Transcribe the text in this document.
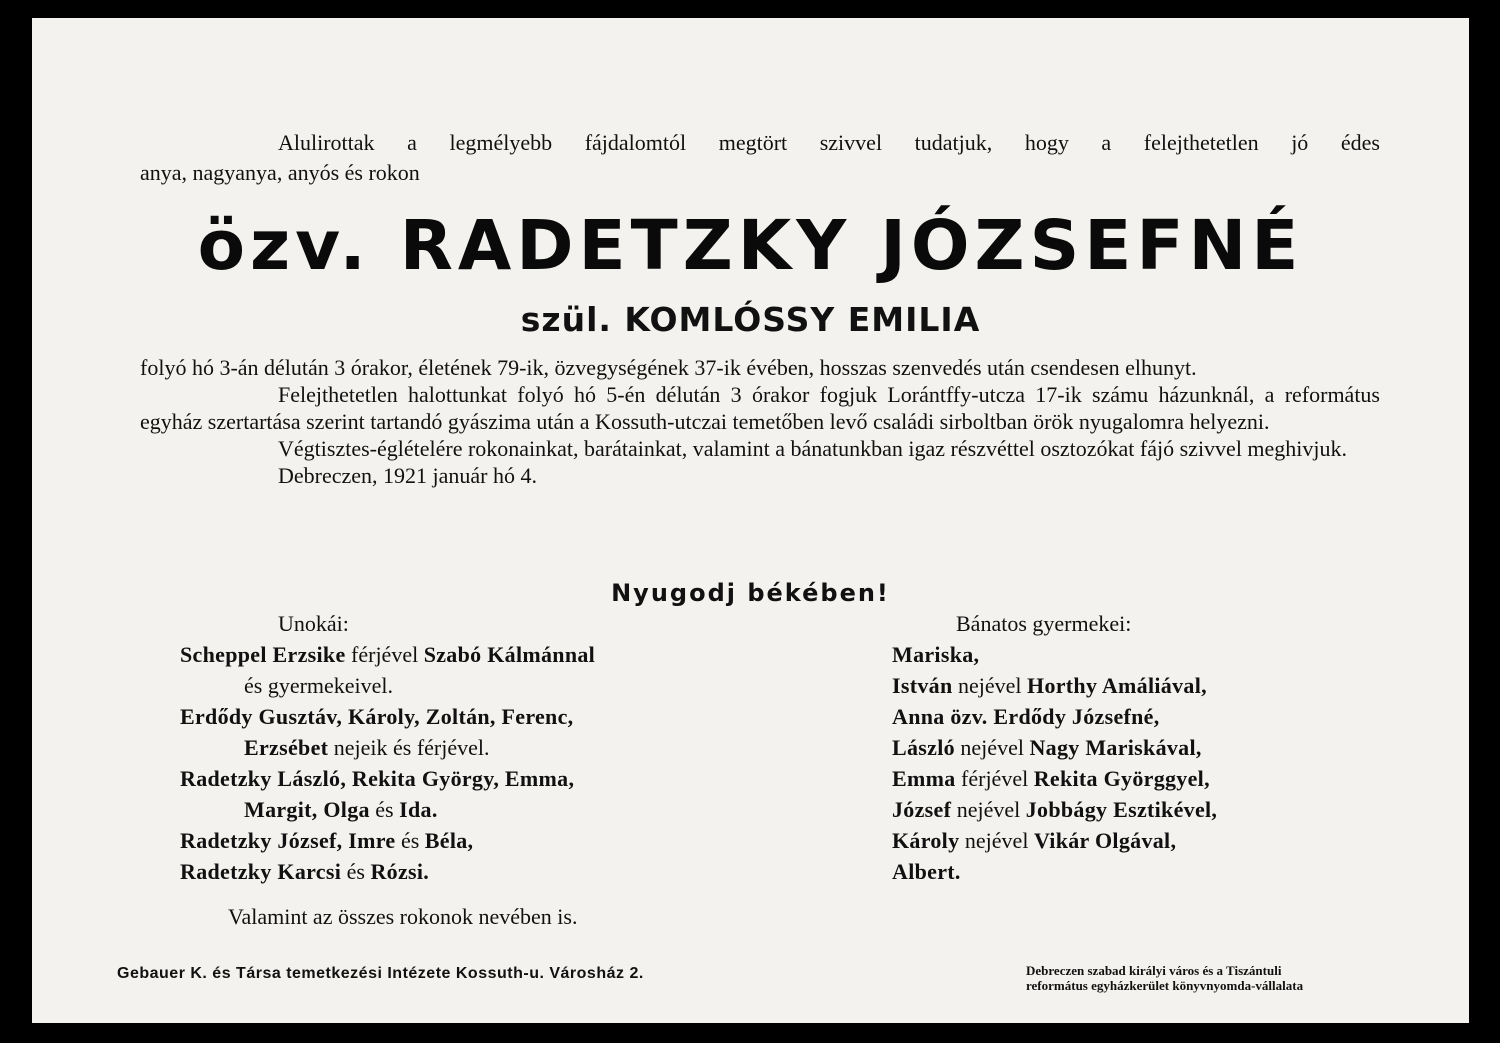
Alulirottak a legmélyebb fájdalomtól megtört szivvel tudatjuk, hogy a felejthetetlen jó édes
anya, nagyanya, anyós és rokon
özv. RADETZKY JÓZSEFNÉ
szül. KOMLÓSSY EMILIA

folyó hó 3-án délután 3 órakor, életének 79-ik, özvegységének 37-ik évében, hosszas szenvedés után csendesen elhunyt.

Felejthetetlen halottunkat folyó hó 5-én délután 3 órakor fogjuk Lorántffy-utcza 17-ik számu házunknál, a református egyház szertartása szerint tartandó gyászima után a Kossuth-utczai temetőben levő családi sirboltban örök nyugalomra helyezni.

Végtisztes-églételére rokonainkat, barátainkat, valamint a bánatunkban igaz részvéttel osztozókat fájó szivvel meghivjuk.

Debreczen, 1921 január hó 4.

Nyugodj békében!
Unokái:
Scheppel Erzsike férjével Szabó Kálmánnal
és gyermekeivel.
Erdődy Gusztáv, Károly, Zoltán, Ferenc,
Erzsébet nejeik és férjével.
Radetzky László, Rekita György, Emma,
Margit, Olga és Ida.
Radetzky József, Imre és Béla,
Radetzky Karcsi és Rózsi.
Bánatos gyermekei:
Mariska,
István nejével Horthy Amáliával,
Anna özv. Erdődy Józsefné,
László nejével Nagy Mariskával,
Emma férjével Rekita Györggyel,
József nejével Jobbágy Esztikével,
Károly nejével Vikár Olgával,
Albert.
Valamint az összes rokonok nevében is.
Gebauer K. és Társa temetkezési Intézete Kossuth-u. Városház 2.	Debreczen szabad királyi város és a Tiszántuli
református egyházkerület könyvnyomda-vállalata
